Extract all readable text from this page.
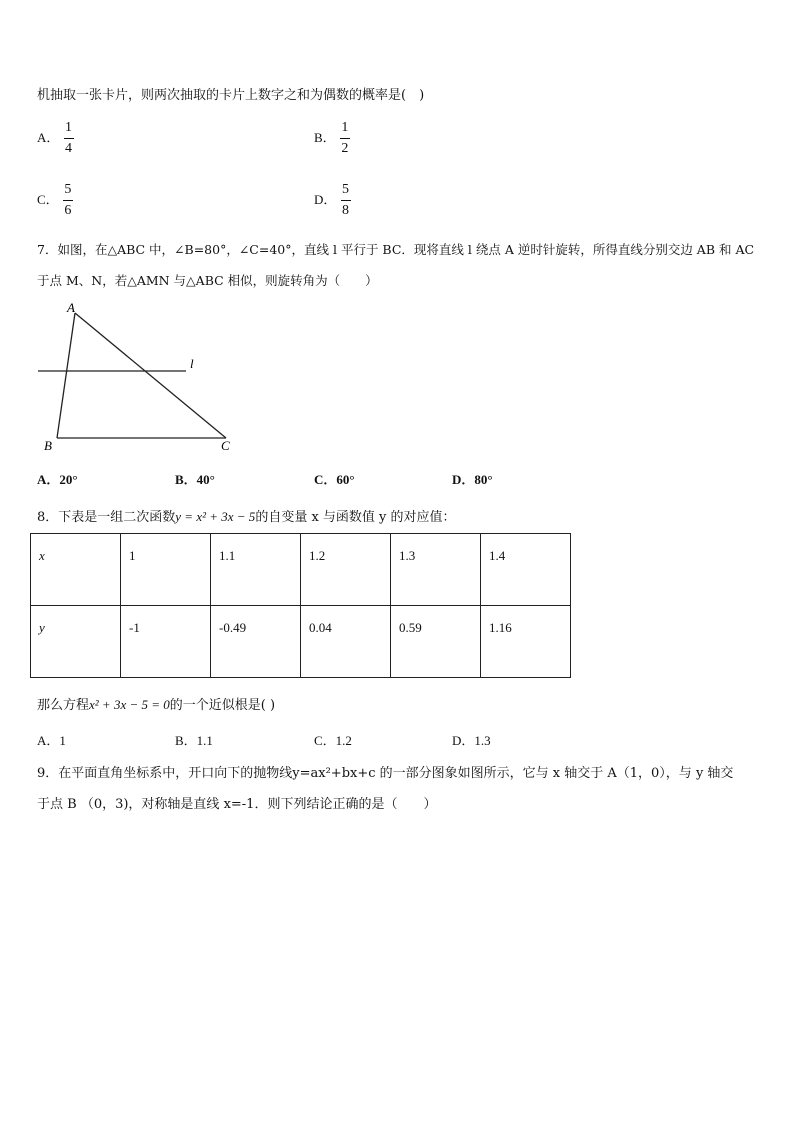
机抽取一张卡片，则两次抽取的卡片上数字之和为偶数的概率是(　)
A． $\frac{1}{4}$	B． $\frac{1}{2}$
C． $\frac{5}{6}$	D． $\frac{5}{8}$
7．如图，在△ABC 中，∠B=80°，∠C=40°，直线 l 平行于 BC．现将直线 l 绕点 A 逆时针旋转，所得直线分别交边 AB 和 AC
于点 M、N，若△AMN 与△ABC 相似，则旋转角为（　　）
A
B	C
l
A．20°	B．40°	C．60°	D．80°
8．下表是一组二次函数y = x² + 3x − 5的自变量 x 与函数值 y 的对应值：
x	1	1.1	1.2	1.3	1.4
y	-1	-0.49	0.04	0.59	1.16
那么方程x² + 3x − 5 = 0的一个近似根是( )
A．1	B．1.1	C．1.2	D．1.3
9．在平面直角坐标系中，开口向下的抛物线y=ax²+bx+c 的一部分图象如图所示，它与 x 轴交于 A（1，0），与 y 轴交
于点 B （0，3)，对称轴是直线 x=-1．则下列结论正确的是（　　）
